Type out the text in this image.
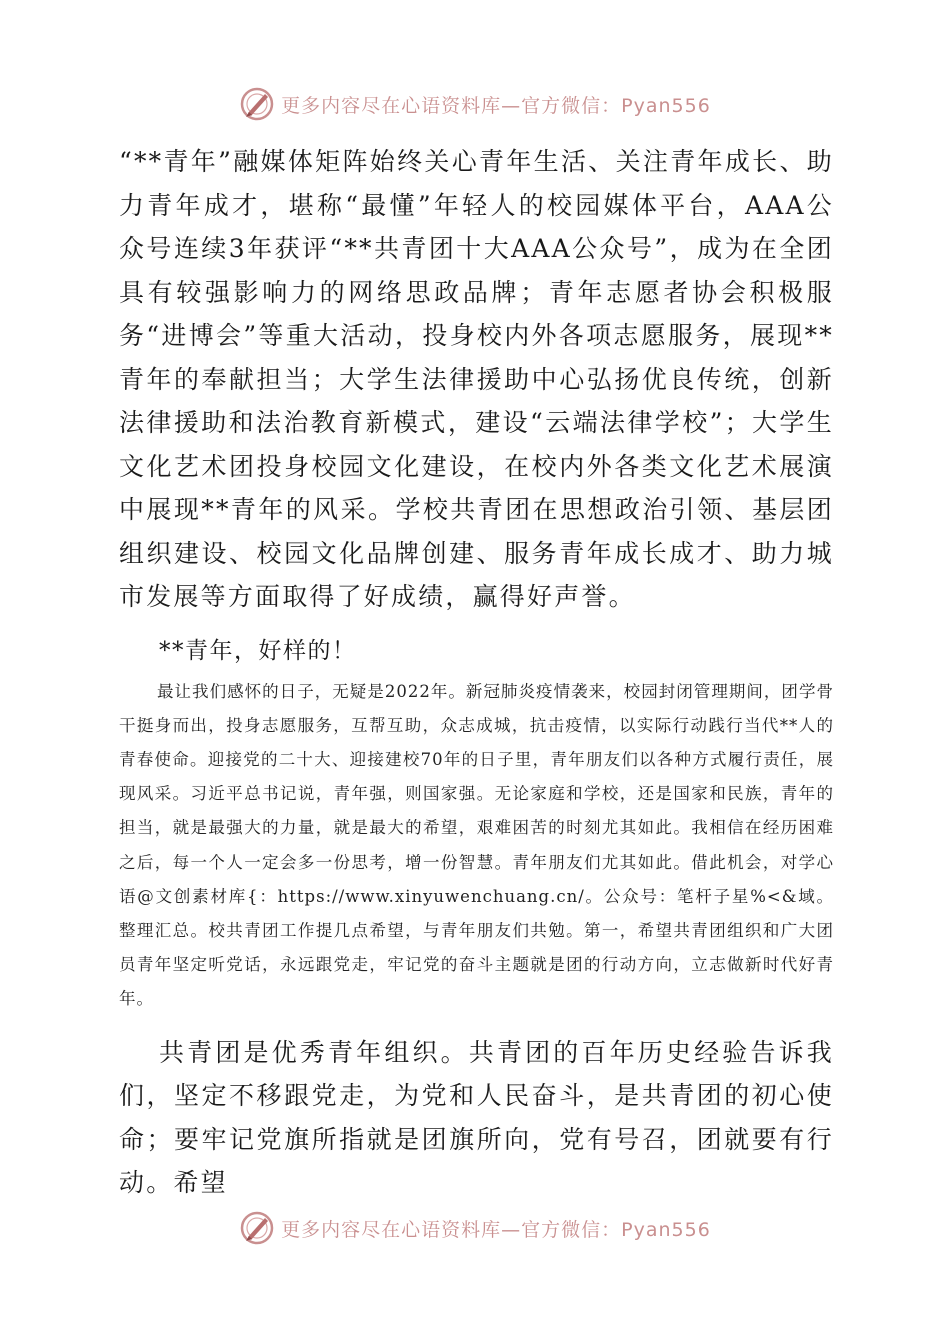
更多内容尽在心语资料库—官方微信：Pyan556

“**青年”融媒体矩阵始终关心青年生活、关注青年成长、助力青年成才，堪称“最懂”年轻人的校园媒体平台，AAA公众号连续3年获评“**共青团十大AAA公众号”，成为在全团具有较强影响力的网络思政品牌；青年志愿者协会积极服务“进博会”等重大活动，投身校内外各项志愿服务，展现**青年的奉献担当；大学生法律援助中心弘扬优良传统，创新法律援助和法治教育新模式，建设“云端法律学校”；大学生文化艺术团投身校园文化建设，在校内外各类文化艺术展演中展现**青年的风采。学校共青团在思想政治引领、基层团组织建设、校园文化品牌创建、服务青年成长成才、助力城市发展等方面取得了好成绩，赢得好声誉。

**青年，好样的！

最让我们感怀的日子，无疑是2022年。新冠肺炎疫情袭来，校园封闭管理期间，团学骨干挺身而出，投身志愿服务，互帮互助，众志成城，抗击疫情，以实际行动践行当代**人的青春使命。迎接党的二十大、迎接建校70年的日子里，青年朋友们以各种方式履行责任，展现风采。习近平总书记说，青年强，则国家强。无论家庭和学校，还是国家和民族，青年的担当，就是最强大的力量，就是最大的希望，艰难困苦的时刻尤其如此。我相信在经历困难之后，每一个人一定会多一份思考，增一份智慧。青年朋友们尤其如此。借此机会，对学心语@文创素材库{：https://www.xinyuwenchuang.cn/。公众号：笔杆子星%<&域。整理汇总。校共青团工作提几点希望，与青年朋友们共勉。第一，希望共青团组织和广大团员青年坚定听党话，永远跟党走，牢记党的奋斗主题就是团的行动方向，立志做新时代好青年。

共青团是优秀青年组织。共青团的百年历史经验告诉我们，坚定不移跟党走，为党和人民奋斗，是共青团的初心使命；要牢记党旗所指就是团旗所向，党有号召，团就要有行动。希望

更多内容尽在心语资料库—官方微信：Pyan556
